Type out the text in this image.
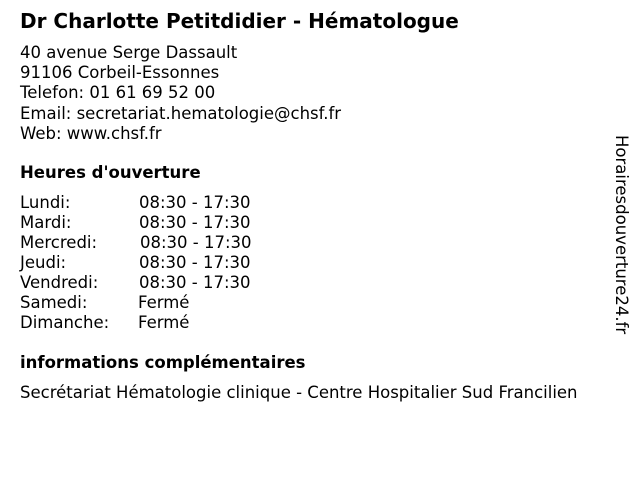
Dr Charlotte Petitdidier - Hématologue
40 avenue Serge Dassault
91106 Corbeil-Essonnes
Telefon: 01 61 69 52 00
Email: secretariat.hematologie@chsf.fr
Web: www.chsf.fr
Heures d'ouverture
Lundi:	08:30 - 17:30
Mardi:	08:30 - 17:30
Mercredi:	08:30 - 17:30
Jeudi:	08:30 - 17:30
Vendredi: 08:30 - 17:30
Samedi:	Fermé
Dimanche: Fermé
informations complémentaires
Secrétariat Hématologie clinique - Centre Hospitalier Sud Francilien
Horairesdouverture24.fr
